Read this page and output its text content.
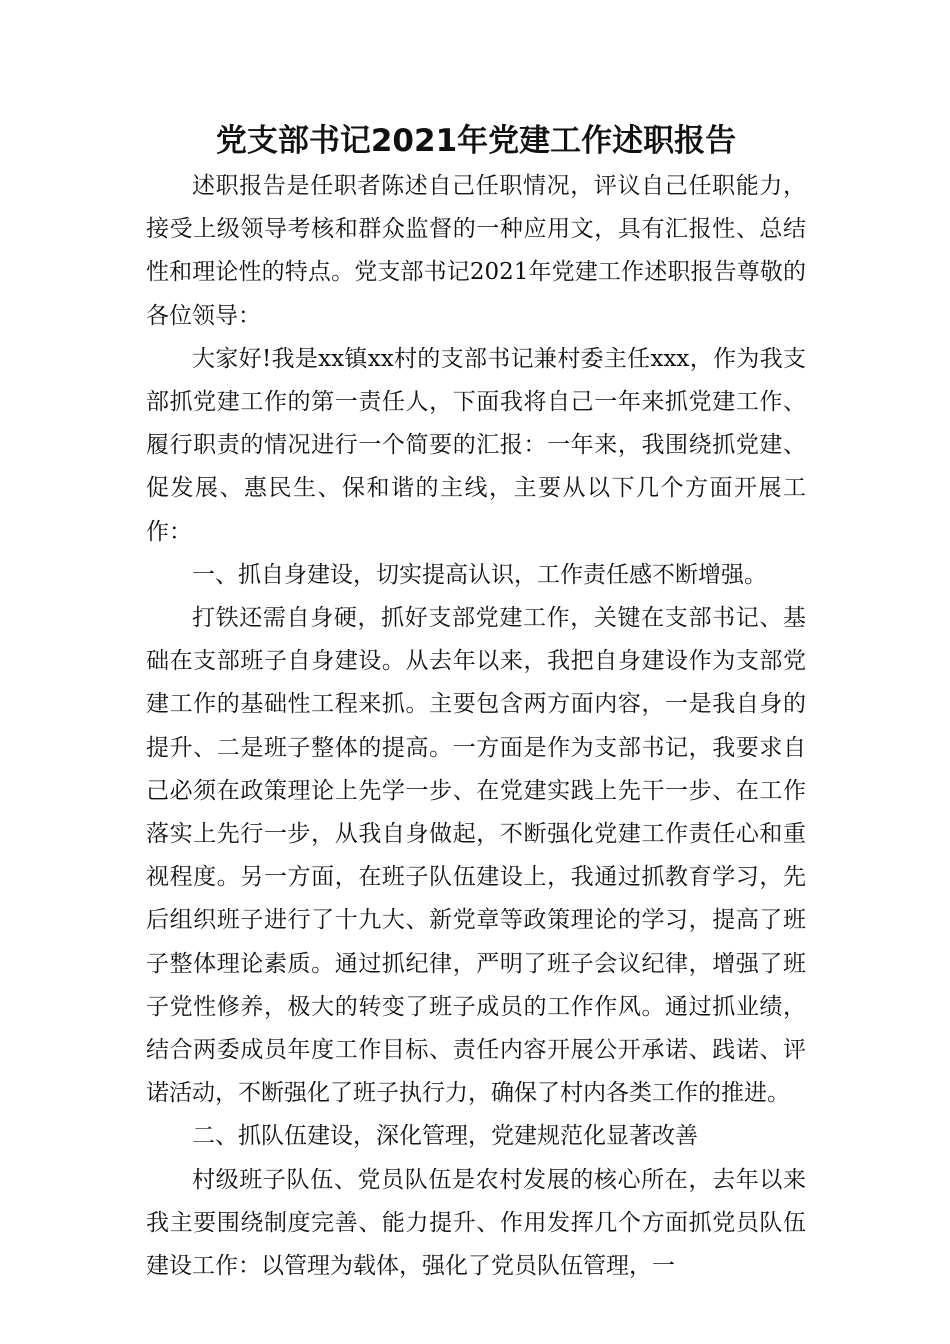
党支部书记2021年党建工作述职报告

述职报告是任职者陈述自己任职情况，评议自己任职能力，接受上级领导考核和群众监督的一种应用文，具有汇报性、总结性和理论性的特点。党支部书记2021年党建工作述职报告尊敬的各位领导：

大家好!我是xx镇xx村的支部书记兼村委主任xxx，作为我支部抓党建工作的第一责任人，下面我将自己一年来抓党建工作、履行职责的情况进行一个简要的汇报：一年来，我围绕抓党建、促发展、惠民生、保和谐的主线，主要从以下几个方面开展工作：

一、抓自身建设，切实提高认识，工作责任感不断增强。

打铁还需自身硬，抓好支部党建工作，关键在支部书记、基础在支部班子自身建设。从去年以来，我把自身建设作为支部党建工作的基础性工程来抓。主要包含两方面内容，一是我自身的提升、二是班子整体的提高。一方面是作为支部书记，我要求自己必须在政策理论上先学一步、在党建实践上先干一步、在工作落实上先行一步，从我自身做起，不断强化党建工作责任心和重视程度。另一方面，在班子队伍建设上，我通过抓教育学习，先后组织班子进行了十九大、新党章等政策理论的学习，提高了班子整体理论素质。通过抓纪律，严明了班子会议纪律，增强了班子党性修养，极大的转变了班子成员的工作作风。通过抓业绩，结合两委成员年度工作目标、责任内容开展公开承诺、践诺、评诺活动，不断强化了班子执行力，确保了村内各类工作的推进。

二、抓队伍建设，深化管理，党建规范化显著改善

村级班子队伍、党员队伍是农村发展的核心所在，去年以来我主要围绕制度完善、能力提升、作用发挥几个方面抓党员队伍建设工作：以管理为载体，强化了党员队伍管理，一
